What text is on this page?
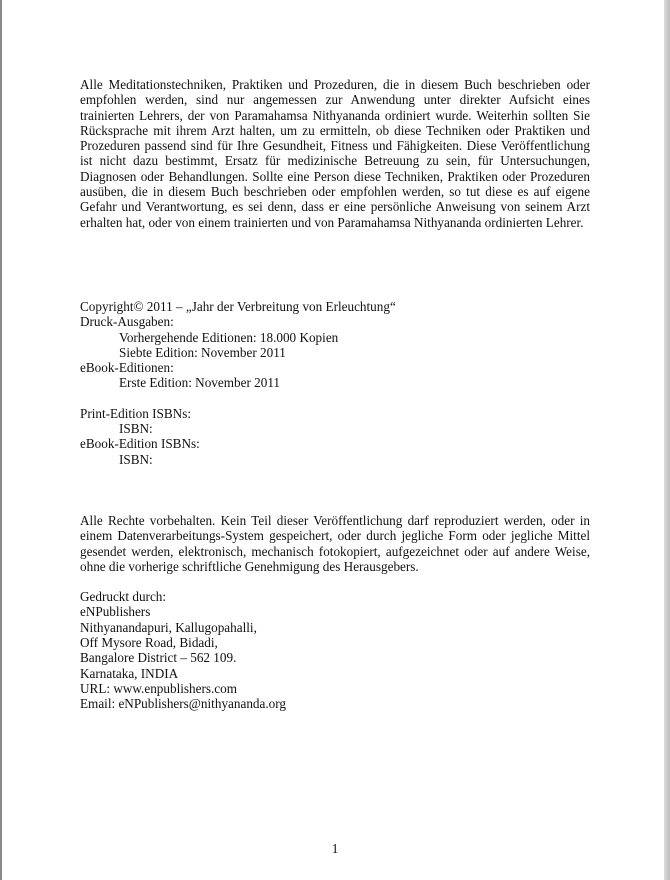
Alle Meditationstechniken, Praktiken und Prozeduren, die in diesem Buch beschrieben oder empfohlen werden, sind nur angemessen zur Anwendung unter direkter Aufsicht eines trainierten Lehrers, der von Paramahamsa Nithyananda ordiniert wurde. Weiterhin sollten Sie Rücksprache mit ihrem Arzt halten, um zu ermitteln, ob diese Techniken oder Praktiken und Prozeduren passend sind für Ihre Gesundheit, Fitness und Fähigkeiten. Diese Veröffentlichung ist nicht dazu bestimmt, Ersatz für medizinische Betreuung zu sein, für Untersuchungen, Diagnosen oder Behandlungen. Sollte eine Person diese Techniken, Praktiken oder Prozeduren ausüben, die in diesem Buch beschrieben oder empfohlen werden, so tut diese es auf eigene Gefahr und Verantwortung, es sei denn, dass er eine persönliche Anweisung von seinem Arzt erhalten hat, oder von einem trainierten und von Paramahamsa Nithyananda ordinierten Lehrer.

Copyright© 2011 – „Jahr der Verbreitung von Erleuchtung“
Druck-Ausgaben:
Vorhergehende Editionen: 18.000 Kopien
Siebte Edition: November 2011
eBook-Editionen:
Erste Edition: November 2011
Print-Edition ISBNs:
ISBN:
eBook-Edition ISBNs:
ISBN:

Alle Rechte vorbehalten. Kein Teil dieser Veröffentlichung darf reproduziert werden, oder in einem Datenverarbeitungs-System gespeichert, oder durch jegliche Form oder jegliche Mittel gesendet werden, elektronisch, mechanisch fotokopiert, aufgezeichnet oder auf andere Weise, ohne die vorherige schriftliche Genehmigung des Herausgebers.

Gedruckt durch:
eNPublishers
Nithyanandapuri, Kallugopahalli,
Off Mysore Road, Bidadi,
Bangalore District – 562 109.
Karnataka, INDIA
URL: www.enpublishers.com
Email: eNPublishers@nithyananda.org
1
